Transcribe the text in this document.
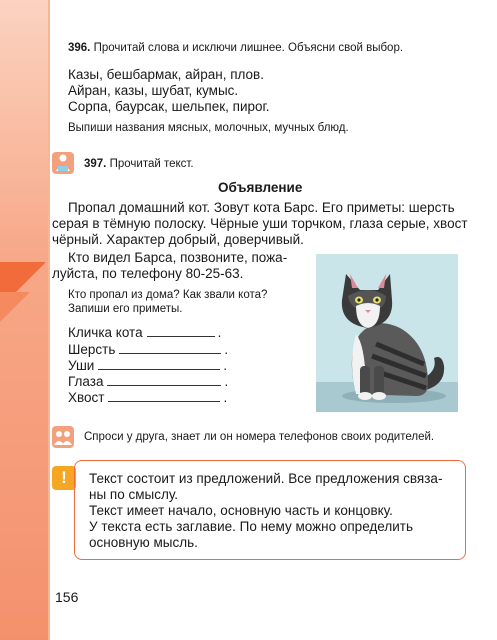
396. Прочитай слова и исключи лишнее. Объясни свой выбор.
Казы, бешбармак, айран, плов.
Айран, казы, шубат, кумыс.
Сорпа, баурсак, шельпек, пирог.
Выпиши названия мясных, молочных, мучных блюд.
397. Прочитай текст.
Объявление
Пропал домашний кот. Зовут кота Барс. Его приметы: шерсть
серая в тёмную полоску. Чёрные уши торчком, глаза серые, хвост
чёрный. Характер добрый, доверчивый.
Кто видел Барса, позвоните, пожа-
луйста, по телефону 80-25-63.
Кто пропал из дома? Как звали кота?
Запиши его приметы.
Кличка кота	.
Шерсть	.
Уши	.
Глаза	.
Хвост	.
Спроси у друга, знает ли он номера телефонов своих родителей.
!	Текст состоит из предложений. Все предложения связа-
ны по смыслу.
Текст имеет начало, основную часть и концовку.
У текста есть заглавие. По нему можно определить
основную мысль.
156
